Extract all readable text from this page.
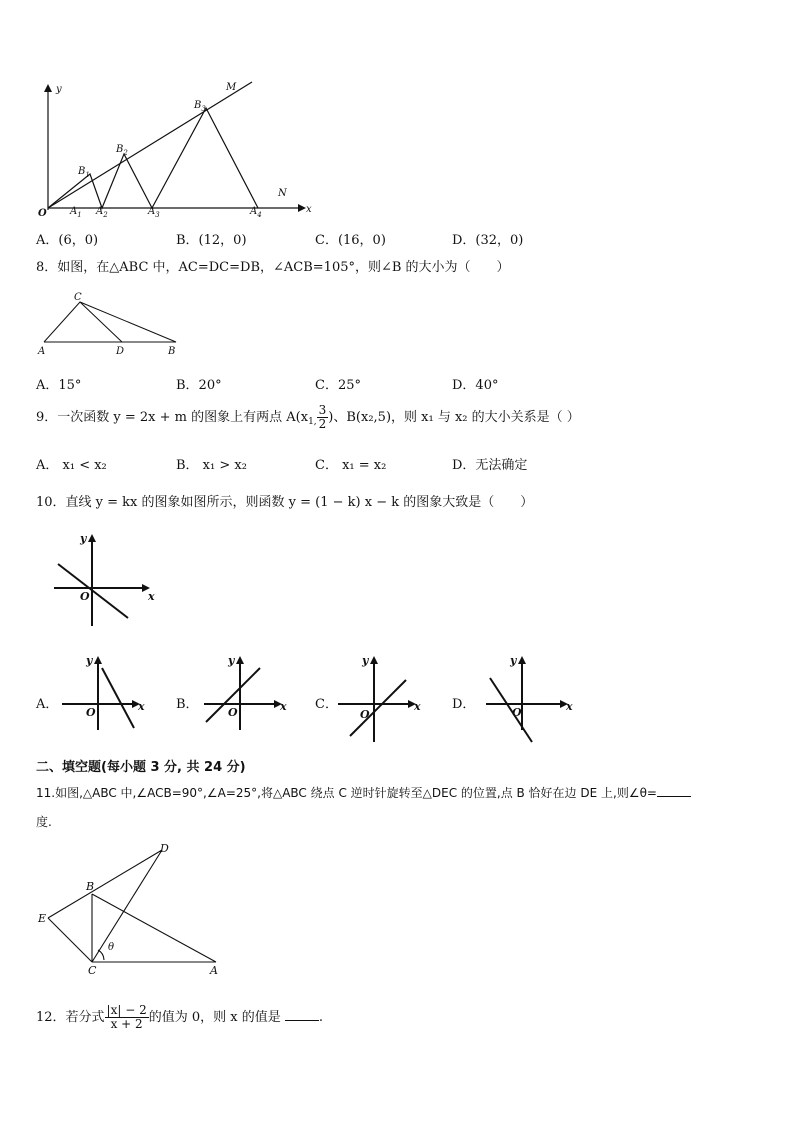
y
x
O
M
N
$B_1$
$B_2$
$B_3$
$A_1$ $A_2$	$A_3$	$A_4$
A．(6，0)	B．(12，0)	C．(16，0)	D．(32，0)
8．如图，在△ABC 中，AC=DC=DB，∠ACB=105°，则∠B 的大小为（　　）
C
A	D	B
A．15°	B．20°	C．25°	D．40°
9．一次函数 y = 2x + m 的图象上有两点 $A(x_{1,} \frac{3}{2}$ )、B(x₂,5)，则 x₁ 与 x₂ 的大小关系是（ ）
A． x₁ < x₂	B． x₁ > x₂	C． x₁ = x₂	D．无法确定
10．直线 y = kx 的图象如图所示，则函数 y = (1 − k) x − k 的图象大致是（　　）
y
x
O
A．
y
x
O
B．
y
x
O
C．
y
x
O
D．
y
x
O
二、填空题(每小题 3 分, 共 24 分)
11.如图,△ABC 中,∠ACB=90°,∠A=25°,将△ABC 绕点 C 逆时针旋转至△DEC 的位置,点 B 恰好在边 DE 上,则∠θ=
度.
D
B
E
C	A
θ
12．若分式 $\frac{|x| - 2}{x + 2}$ 的值为 0，则 x 的值是	.
